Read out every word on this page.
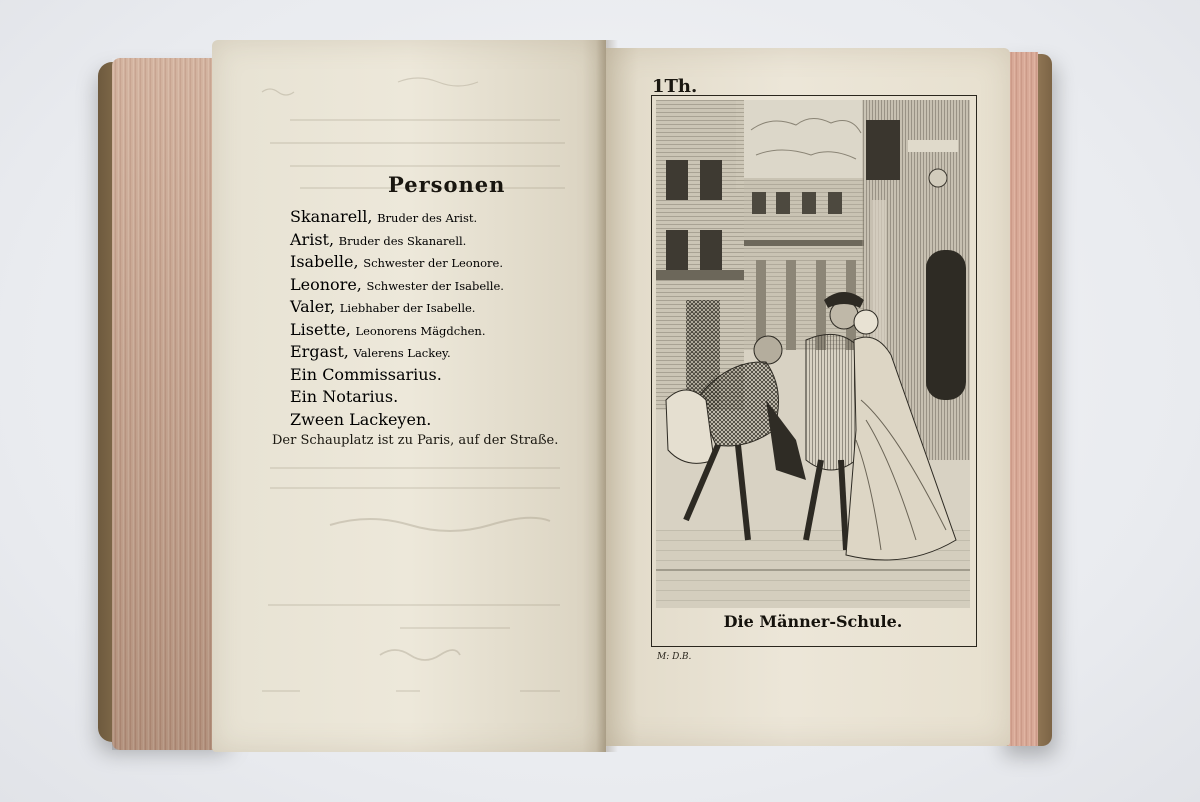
Personen
Skanarell, Bruder des Arist.
Arist, Bruder des Skanarell.
Isabelle, Schwester der Leonore.
Leonore, Schwester der Isabelle.
Valer, Liebhaber der Isabelle.
Lisette, Leonorens Mägdchen.
Ergast, Valerens Lackey.
Ein Commissarius.
Ein Notarius.
Zween Lackeyen.
Der Schauplatz ist zu Paris, auf der Straße.
1Th.
Die Männer-Schule.
M: D.B.
